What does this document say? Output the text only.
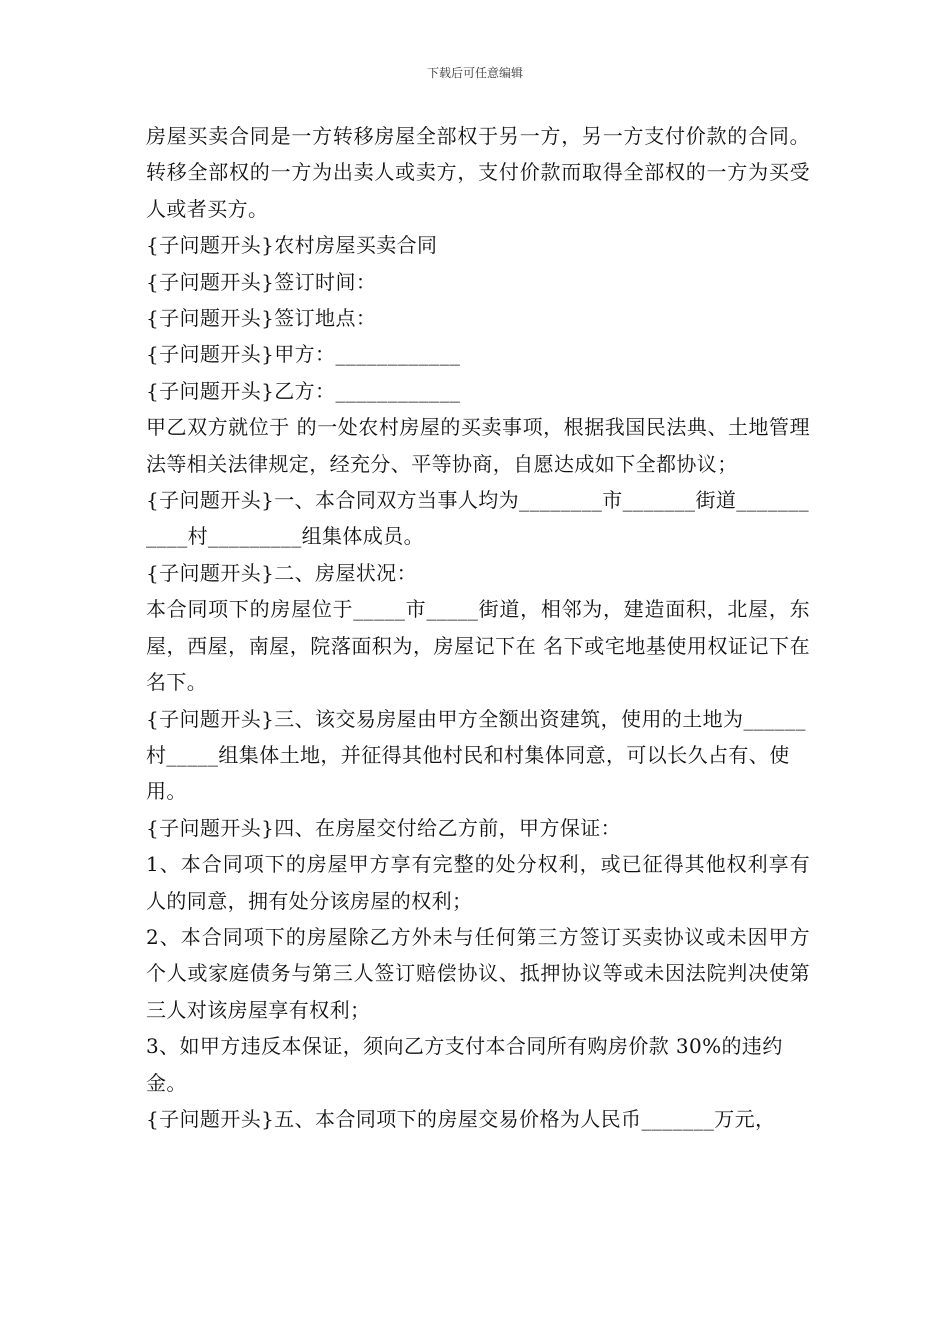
下载后可任意编辑

房屋买卖合同是一方转移房屋全部权于另一方，另一方支付价款的合同。转移全部权的一方为出卖人或卖方，支付价款而取得全部权的一方为买受人或者买方。

{子问题开头}农村房屋买卖合同

{子问题开头}签订时间：

{子问题开头}签订地点：

{子问题开头}甲方：____________

{子问题开头}乙方：____________

甲乙双方就位于 的一处农村房屋的买卖事项，根据我国民法典、土地管理法等相关法律规定，经充分、平等协商，自愿达成如下全都协议；

{子问题开头}一、本合同双方当事人均为________市_______街道___________村_________组集体成员。

{子问题开头}二、房屋状况：

本合同项下的房屋位于_____市_____街道，相邻为，建造面积，北屋，东屋，西屋，南屋，院落面积为，房屋记下在 名下或宅地基使用权证记下在 名下。

{子问题开头}三、该交易房屋由甲方全额出资建筑，使用的土地为______村_____组集体土地，并征得其他村民和村集体同意，可以长久占有、使用。

{子问题开头}四、在房屋交付给乙方前，甲方保证：

1、本合同项下的房屋甲方享有完整的处分权利，或已征得其他权利享有人的同意，拥有处分该房屋的权利；

2、本合同项下的房屋除乙方外未与任何第三方签订买卖协议或未因甲方个人或家庭债务与第三人签订赔偿协议、抵押协议等或未因法院判决使第三人对该房屋享有权利；

3、如甲方违反本保证，须向乙方支付本合同所有购房价款 30%的违约金。

{子问题开头}五、本合同项下的房屋交易价格为人民币_______万元，
